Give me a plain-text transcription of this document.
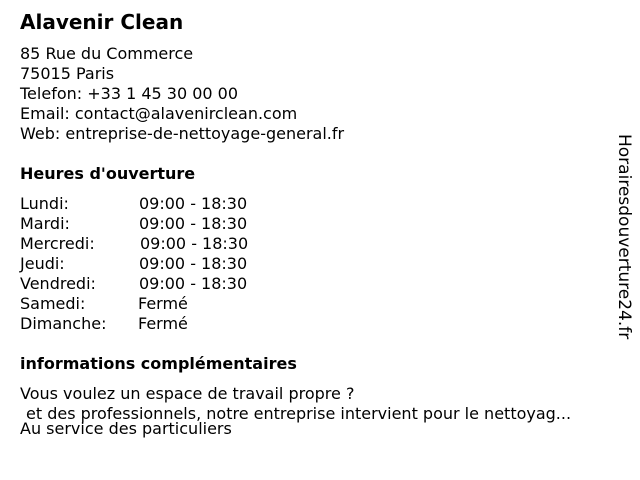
Alavenir Clean
85 Rue du Commerce
75015 Paris
Telefon: +33 1 45 30 00 00
Email: contact@alavenirclean.com
Web: entreprise-de-nettoyage-general.fr
Heures d'ouverture
Lundi:	09:00 - 18:30
Mardi:	09:00 - 18:30
Mercredi:	09:00 - 18:30
Jeudi:	09:00 - 18:30
Vendredi:	09:00 - 18:30
Samedi:	Fermé
Dimanche: Fermé
informations complémentaires
Vous voulez un espace de travail propre ?
et des professionnels, notre entreprise intervient pour le nettoyag...
Au service des particuliers
Horairesdouverture24.fr
